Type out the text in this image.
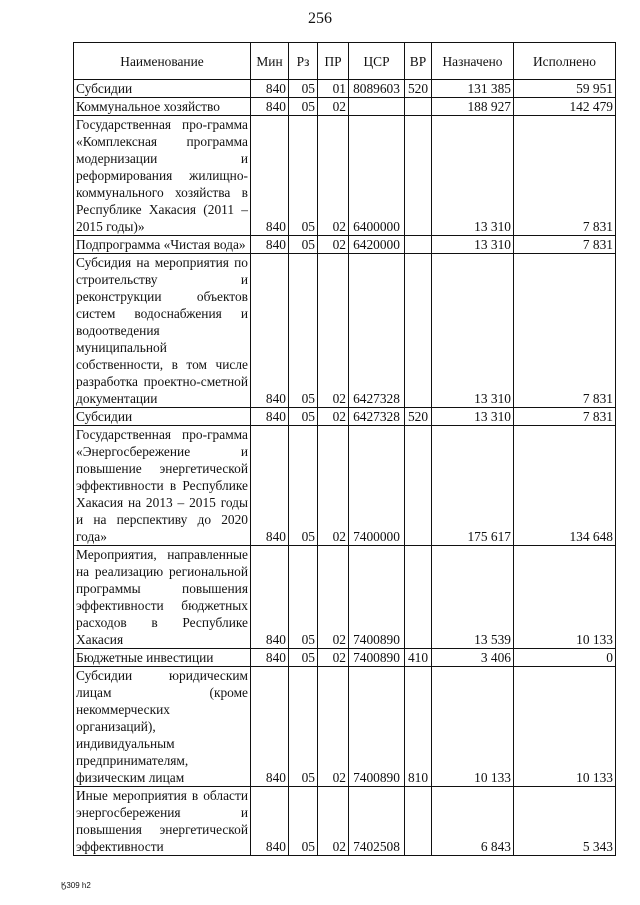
256
Наименование	Мин	Рз	ПР	ЦСР	ВР	Назначено	Исполнено
Субсидии	840	05	01	8089603	520	131 385	59 951
Коммунальное хозяйство	840	05	02			188 927	142 479
Государственная про-грамма «Комплексная программа модернизации и реформирования жилищно-коммунального хозяйства в Республике Хакасия (2011 – 2015 годы)»	840	05	02	6400000		13 310	7 831
Подпрограмма «Чистая вода»	840	05	02	6420000		13 310	7 831
Субсидия на мероприятия по строительству и реконструкции объектов систем водоснабжения и водоотведения муниципальной собственности, в том числе разработка проектно-сметной документации	840	05	02	6427328		13 310	7 831
Субсидии	840	05	02	6427328	520	13 310	7 831
Государственная про-грамма «Энергосбережение и повышение энергетической эффективности в Республике Хакасия на 2013 – 2015 годы и на перспективу до 2020 года»	840	05	02	7400000		175 617	134 648
Мероприятия, направленные на реализацию региональной программы повышения эффективности бюджетных расходов в Республике Хакасия	840	05	02	7400890		13 539	10 133
Бюджетные инвестиции	840	05	02	7400890	410	3 406	0
Субсидии юридическим лицам (кроме некоммерческих организаций), индивидуальным предпринимателям, физическим лицам	840	05	02	7400890	810	10 133	10 133
Иные мероприятия в области энергосбережения и повышения энергетической эффективности	840	05	02	7402508		6 843	5 343
Ӄ309 h2
